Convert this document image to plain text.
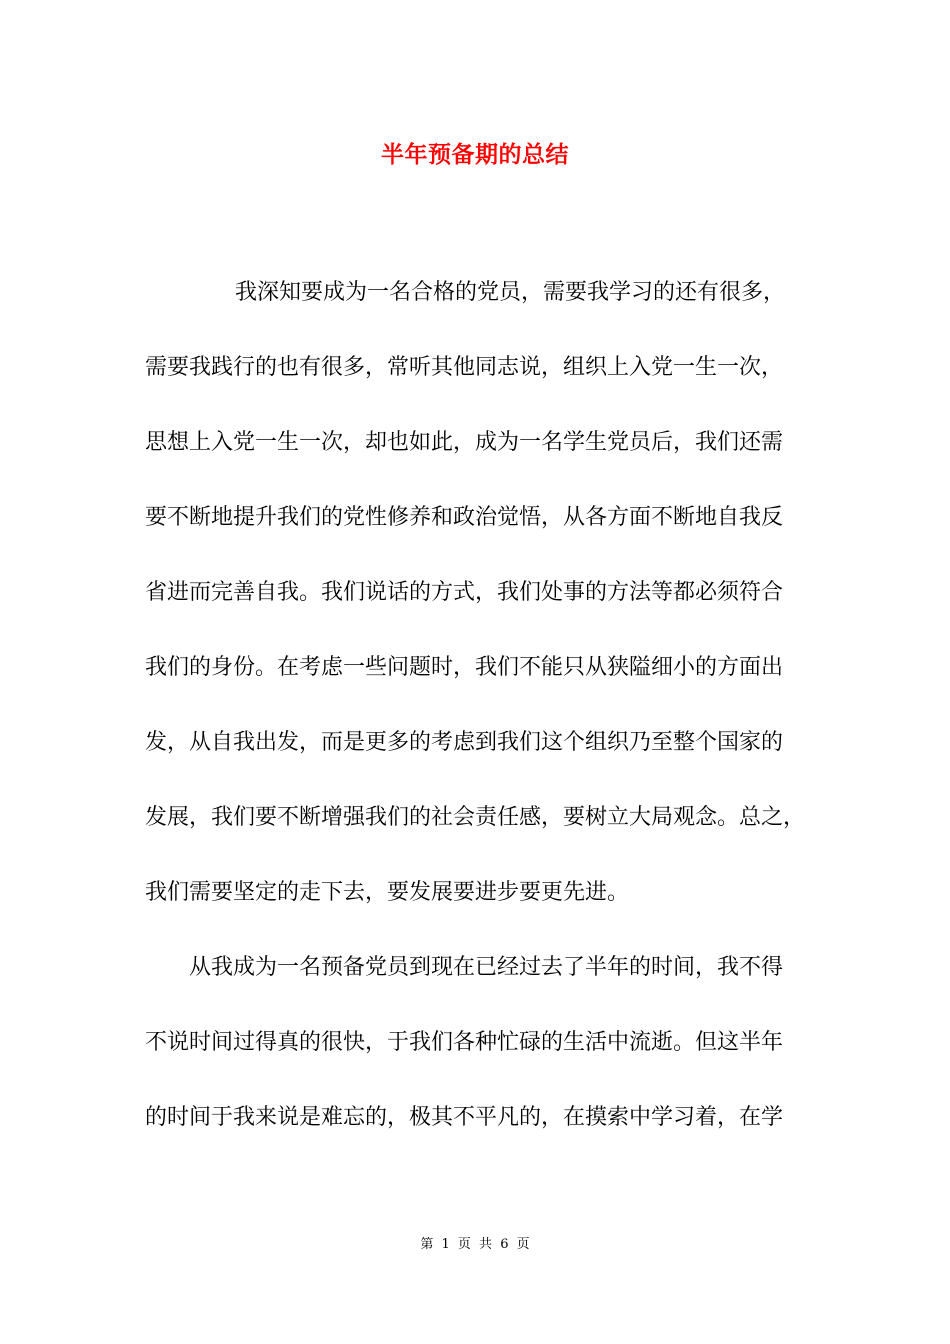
半年预备期的总结
我深知要成为一名合格的党员，需要我学习的还有很多，
需要我践行的也有很多，常听其他同志说，组织上入党一生一次，
思想上入党一生一次，却也如此，成为一名学生党员后，我们还需
要不断地提升我们的党性修养和政治觉悟，从各方面不断地自我反
省进而完善自我。我们说话的方式，我们处事的方法等都必须符合
我们的身份。在考虑一些问题时，我们不能只从狭隘细小的方面出
发，从自我出发，而是更多的考虑到我们这个组织乃至整个国家的
发展，我们要不断增强我们的社会责任感，要树立大局观念。总之，
我们需要坚定的走下去，要发展要进步要更先进。
从我成为一名预备党员到现在已经过去了半年的时间，我不得
不说时间过得真的很快，于我们各种忙碌的生活中流逝。但这半年
的时间于我来说是难忘的，极其不平凡的，在摸索中学习着，在学
第 1 页 共 6 页
